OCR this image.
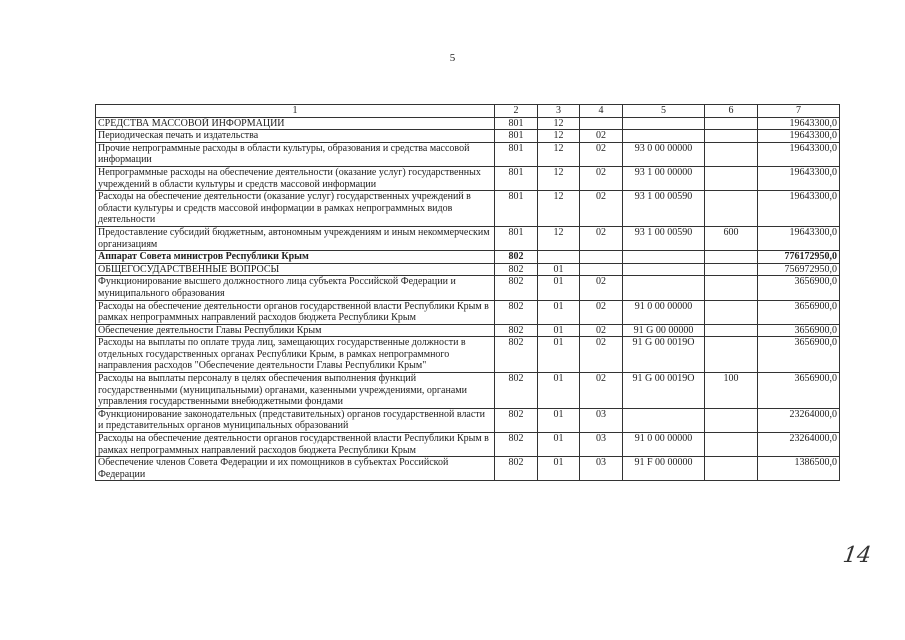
5
1	2	3	4	5	6	7
СРЕДСТВА МАССОВОЙ ИНФОРМАЦИИ	801	12				19643300,0
Периодическая печать и издательства	801	12	02			19643300,0
Прочие непрограммные расходы в области культуры, образования и средства массовой информации	801	12	02	93 0 00 00000		19643300,0
Непрограммные расходы на обеспечение деятельности (оказание услуг) государственных учреждений в области культуры и средств массовой информации	801	12	02	93 1 00 00000		19643300,0
Расходы на обеспечение деятельности (оказание услуг) государственных учреждений в области культуры и средств массовой информации в рамках непрограммных видов деятельности	801	12	02	93 1 00 00590		19643300,0
Предоставление субсидий бюджетным, автономным учреждениям и иным некоммерческим организациям	801	12	02	93 1 00 00590	600	19643300,0
Аппарат Совета министров Республики Крым	802					776172950,0
ОБЩЕГОСУДАРСТВЕННЫЕ ВОПРОСЫ	802	01				756972950,0
Функционирование высшего должностного лица субъекта Российской Федерации и муниципального образования	802	01	02			3656900,0
Расходы на обеспечение деятельности органов государственной власти Республики Крым в рамках непрограммных направлений расходов бюджета Республики Крым	802	01	02	91 0 00 00000		3656900,0
Обеспечение деятельности Главы Республики Крым	802	01	02	91 G 00 00000		3656900,0
Расходы на выплаты по оплате труда лиц, замещающих государственные должности в отдельных государственных органах Республики Крым, в рамках непрограммного направления расходов "Обеспечение деятельности Главы Республики Крым"	802	01	02	91 G 00 0019O		3656900,0
Расходы на выплаты персоналу в целях обеспечения выполнения функций государственными (муниципальными) органами, казенными учреждениями, органами управления государственными внебюджетными фондами	802	01	02	91 G 00 0019O	100	3656900,0
Функционирование законодательных (представительных) органов государственной власти и представительных органов муниципальных образований	802	01	03			23264000,0
Расходы на обеспечение деятельности органов государственной власти Республики Крым в рамках непрограммных направлений расходов бюджета Республики Крым	802	01	03	91 0 00 00000		23264000,0
Обеспечение членов Совета Федерации и их помощников в субъектах Российской Федерации	802	01	03	91 F 00 00000		1386500,0
14
